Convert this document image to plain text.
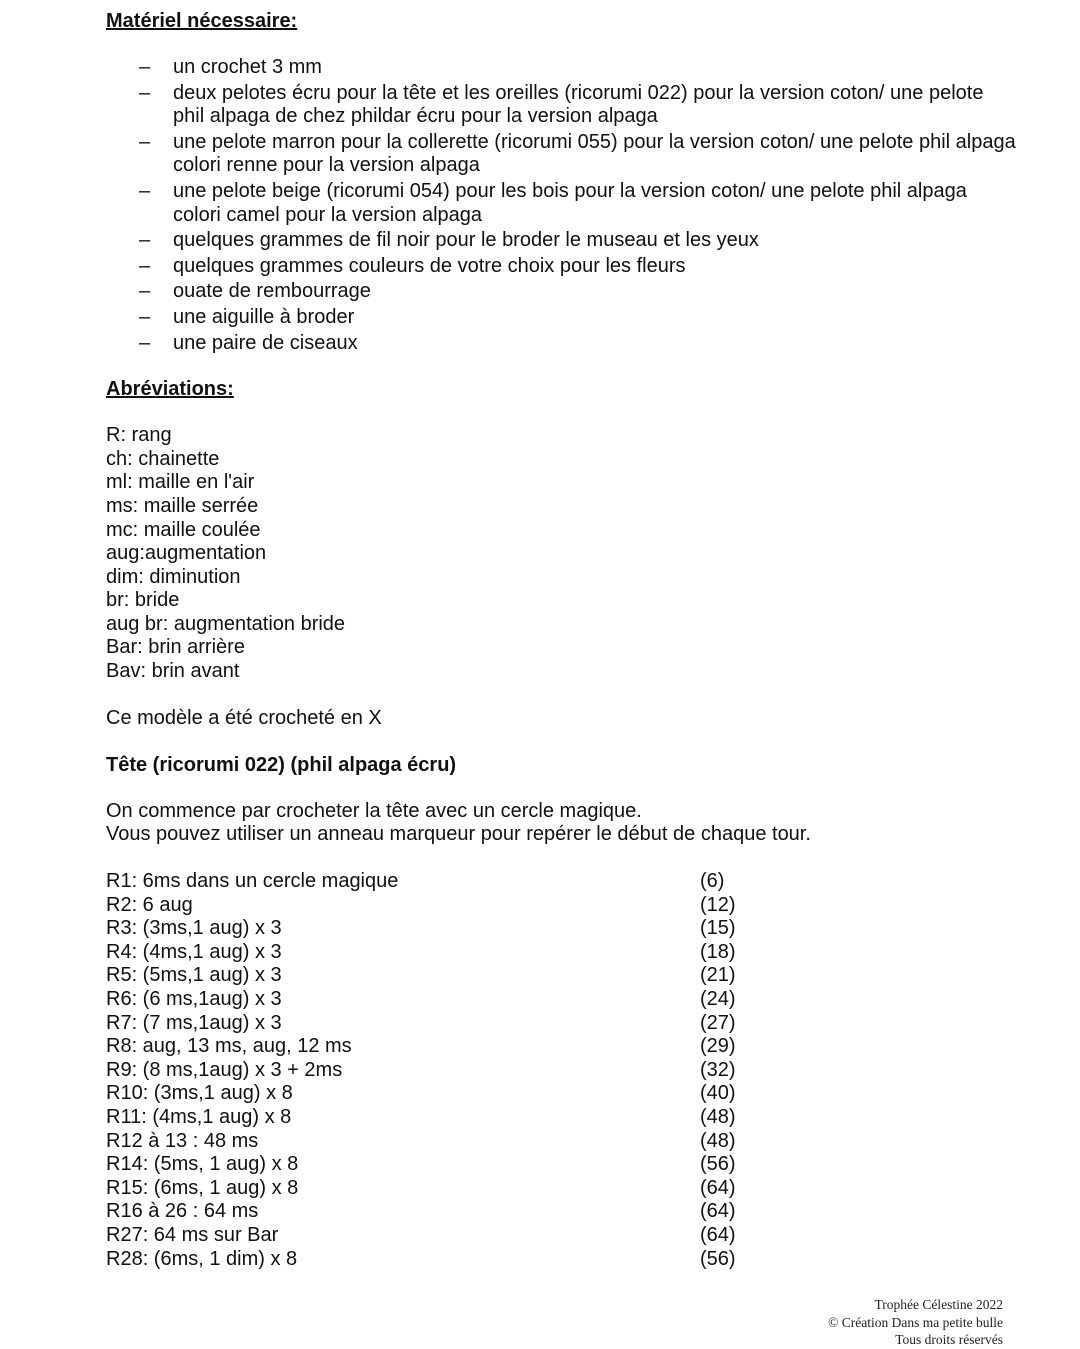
Matériel nécessaire:

– un crochet 3 mm
– deux pelotes écru pour la tête et les oreilles (ricorumi 022) pour la version coton/ une pelote phil alpaga de chez phildar écru pour la version alpaga
– une pelote marron pour la collerette (ricorumi 055) pour la version coton/ une pelote phil alpaga colori renne pour la version alpaga
– une pelote beige (ricorumi 054) pour les bois pour la version coton/ une pelote phil alpaga colori camel pour la version alpaga
– quelques grammes de fil noir pour le broder le museau et les yeux
– quelques grammes couleurs de votre choix pour les fleurs
– ouate de rembourrage
– une aiguille à broder
– une paire de ciseaux

Abréviations:

R: rang
ch: chainette
ml: maille en l'air
ms: maille serrée
mc: maille coulée
aug:augmentation
dim: diminution
br: bride
aug br: augmentation bride
Bar: brin arrière
Bav: brin avant
Ce modèle a été crocheté en X
Tête (ricorumi 022) (phil alpaga écru)
On commence par crocheter la tête avec un cercle magique.
Vous pouvez utiliser un anneau marqueur pour repérer le début de chaque tour.
R1: 6ms dans un cercle magique	(6)
R2: 6 aug	(12)
R3: (3ms,1 aug) x 3	(15)
R4: (4ms,1 aug) x 3	(18)
R5: (5ms,1 aug) x 3	(21)
R6: (6 ms,1aug) x 3	(24)
R7: (7 ms,1aug) x 3	(27)
R8: aug, 13 ms, aug, 12 ms	(29)
R9: (8 ms,1aug) x 3 + 2ms	(32)
R10: (3ms,1 aug) x 8	(40)
R11: (4ms,1 aug) x 8	(48)
R12 à 13 : 48 ms	(48)
R14: (5ms, 1 aug) x 8	(56)
R15: (6ms, 1 aug) x 8	(64)
R16 à 26 : 64 ms	(64)
R27: 64 ms sur Bar	(64)
R28: (6ms, 1 dim) x 8	(56)
Trophée Célestine 2022
© Création Dans ma petite bulle
Tous droits réservés
